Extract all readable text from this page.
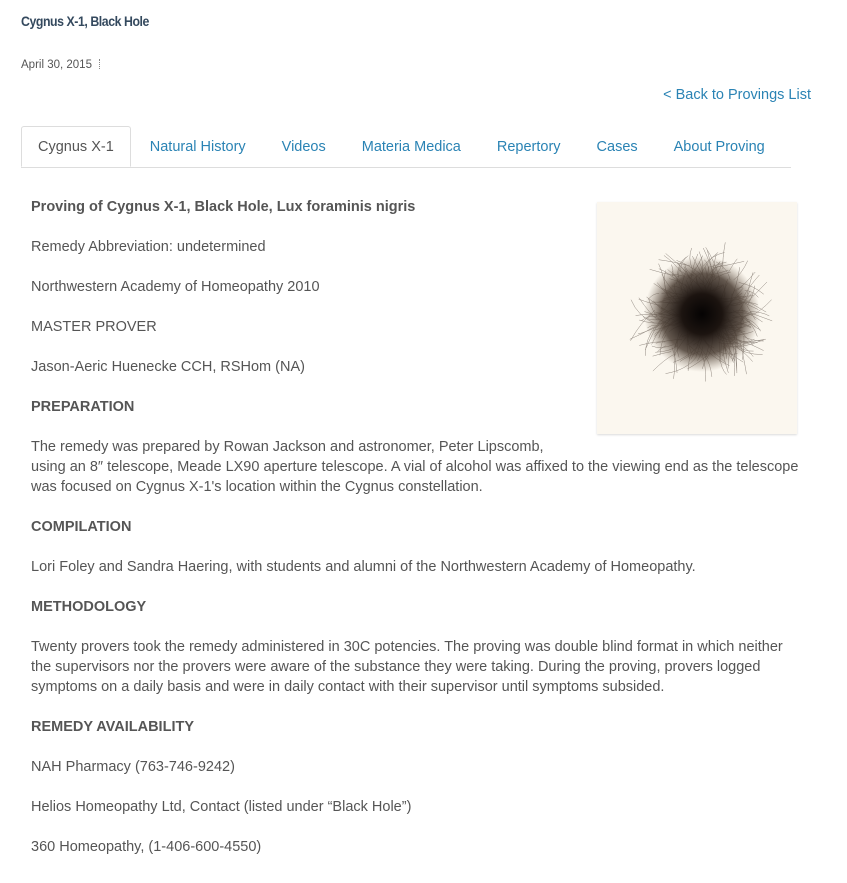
Cygnus X-1, Black Hole
April 30, 2015
< Back to Provings List
Cygnus X-1	Natural History	Videos	Materia Medica	Repertory	Cases	About Proving

Proving of Cygnus X-1, Black Hole, Lux foraminis nigris

Remedy Abbreviation: undetermined

Northwestern Academy of Homeopathy 2010

MASTER PROVER

Jason-Aeric Huenecke CCH, RSHom (NA)

PREPARATION

The remedy was prepared by Rowan Jackson and astronomer, Peter Lipscomb, using an 8″ telescope, Meade LX90 aperture telescope. A vial of alcohol was affixed to the viewing end as the telescope was focused on Cygnus X-1's location within the Cygnus constellation.

COMPILATION

Lori Foley and Sandra Haering, with students and alumni of the Northwestern Academy of Homeopathy.

METHODOLOGY

Twenty provers took the remedy administered in 30C potencies. The proving was double blind format in which neither the supervisors nor the provers were aware of the substance they were taking. During the proving, provers logged symptoms on a daily basis and were in daily contact with their supervisor until symptoms subsided.

REMEDY AVAILABILITY

NAH Pharmacy (763-746-9242)

Helios Homeopathy Ltd, Contact (listed under “Black Hole”)

360 Homeopathy, (1-406-600-4550)
